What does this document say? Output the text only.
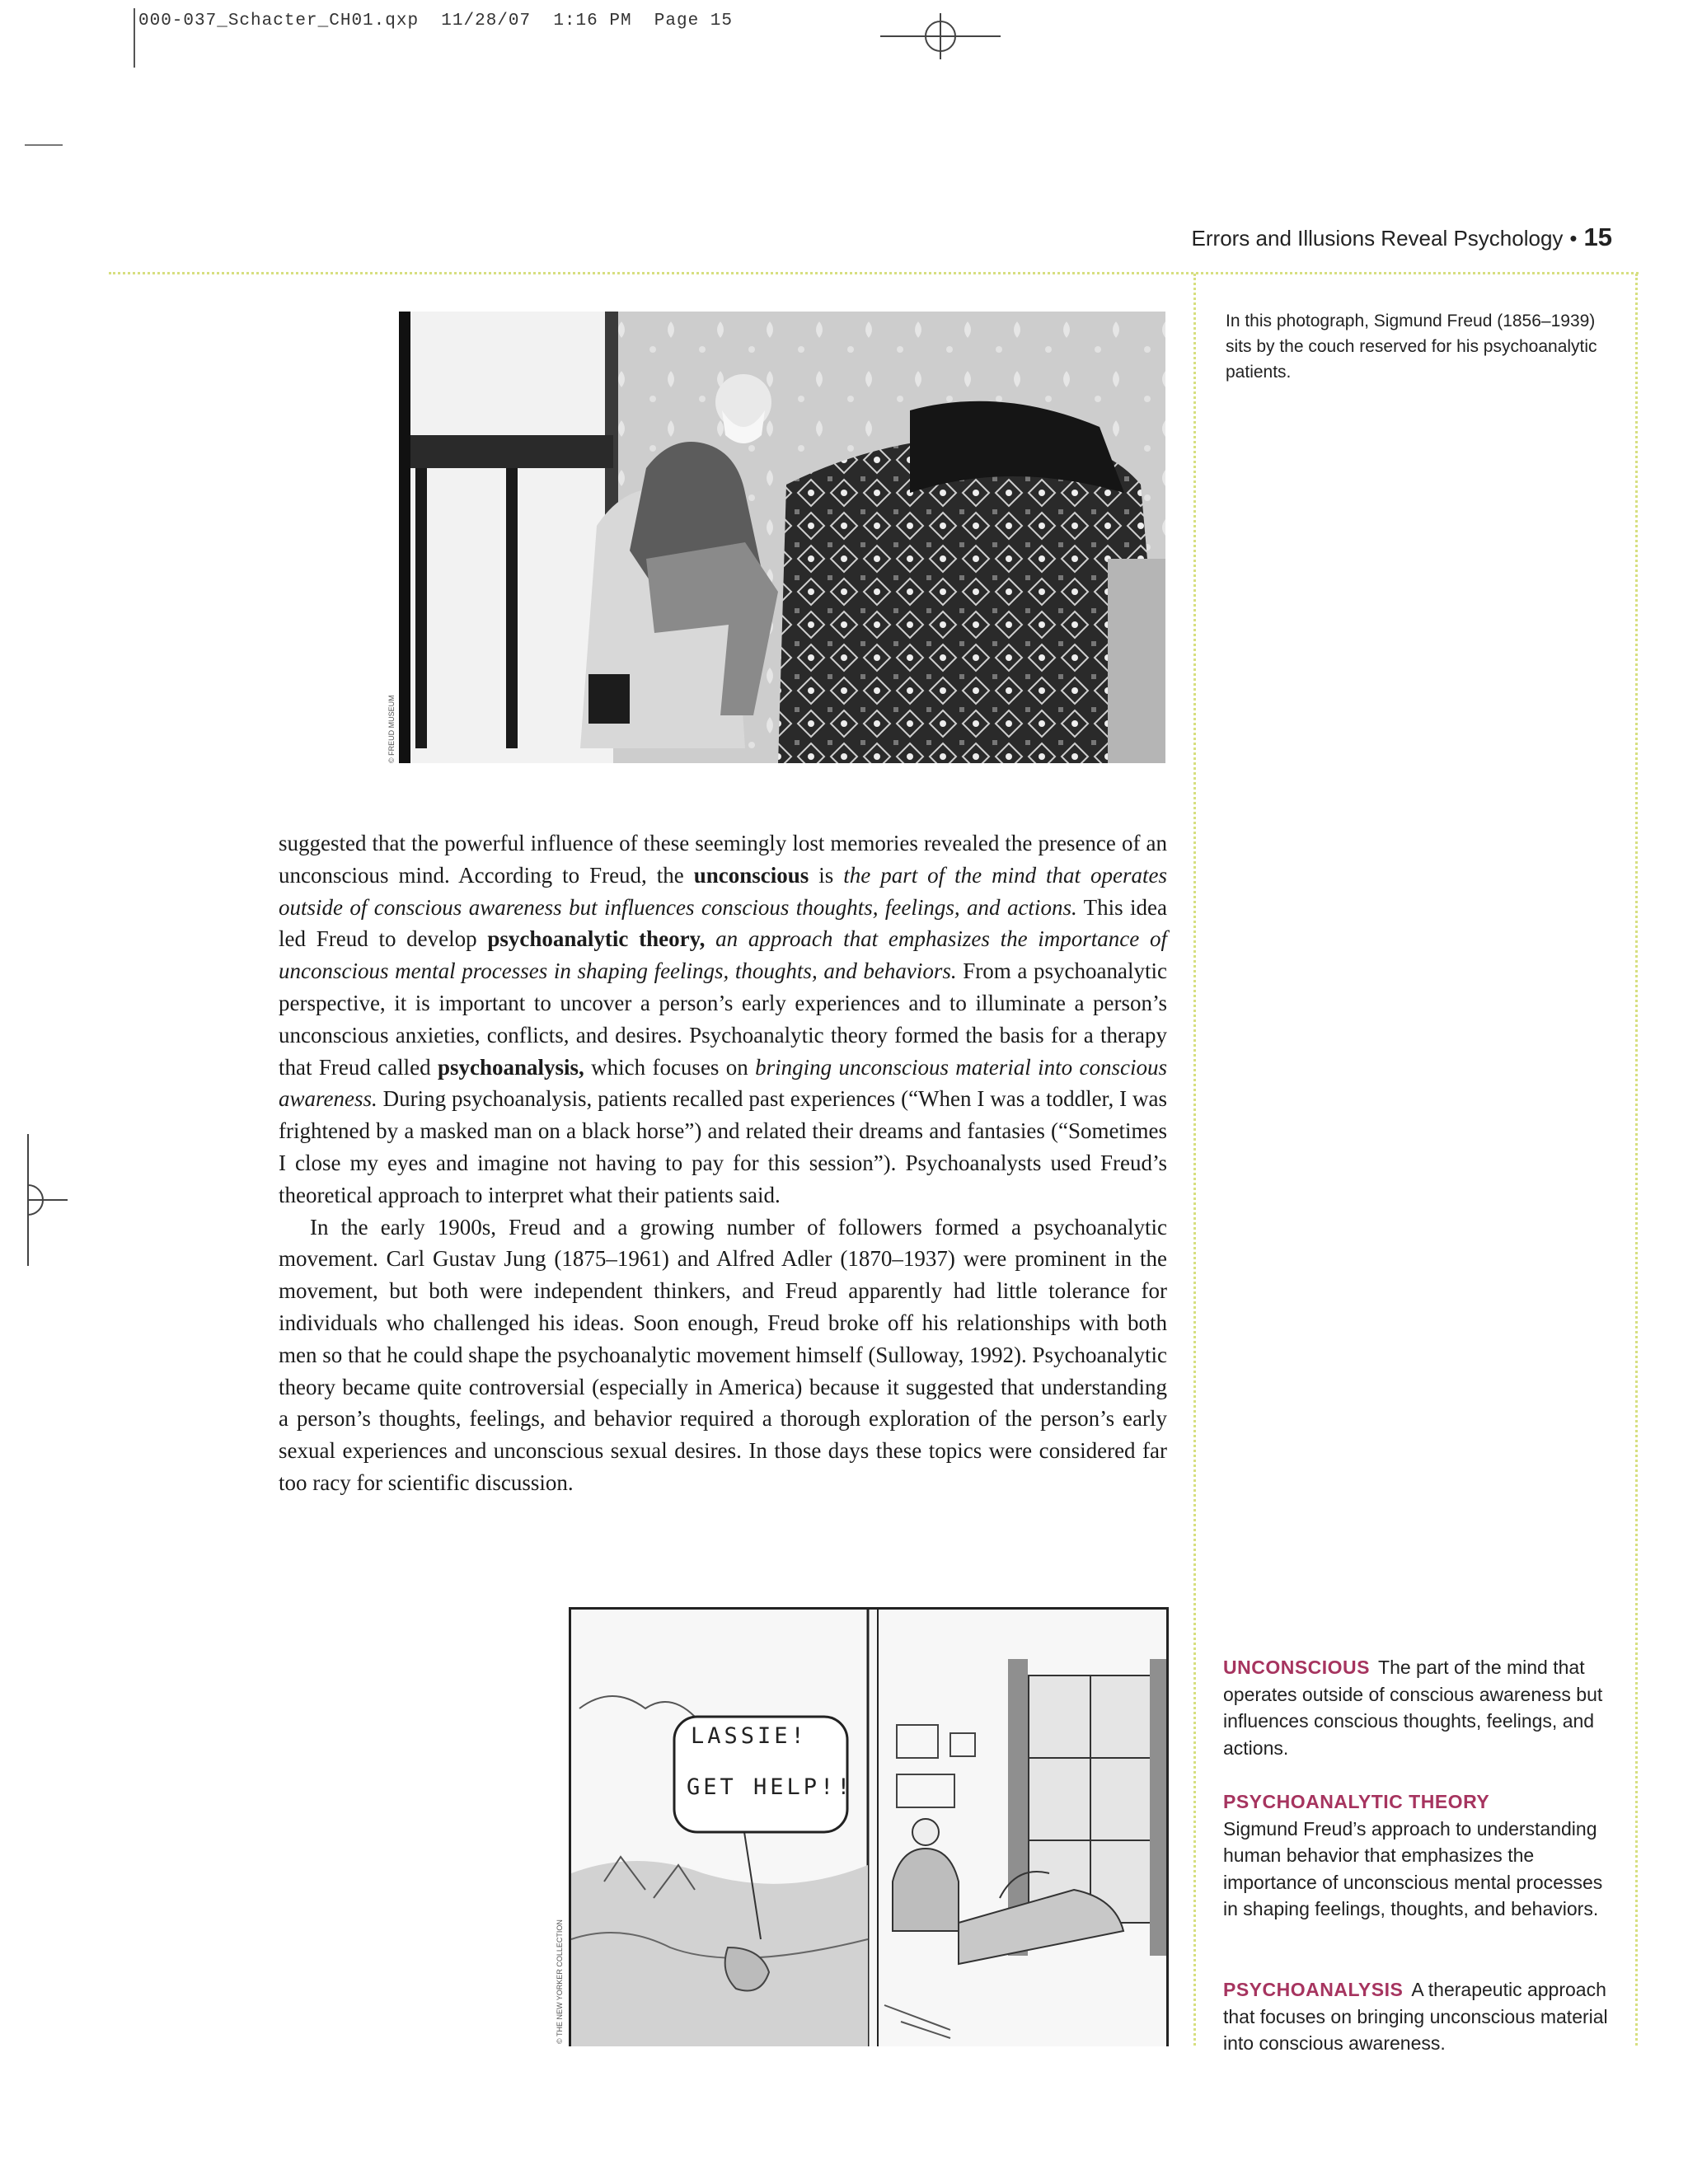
000-037_Schacter_CH01.qxp 11/28/07 1:16 PM Page 15
Errors and Illusions Reveal Psychology • 15
© FREUD MUSEUM
In this photograph, Sigmund Freud (1856–1939) sits by the couch reserved for his psychoanalytic patients.

suggested that the powerful influence of these seemingly lost memories revealed the presence of an unconscious mind. According to Freud, the unconscious is the part of the mind that operates outside of conscious awareness but influences conscious thoughts, feelings, and actions. This idea led Freud to develop psychoanalytic theory, an approach that emphasizes the importance of unconscious mental processes in shaping feelings, thoughts, and behaviors. From a psychoanalytic perspective, it is important to uncover a person’s early experiences and to illuminate a person’s unconscious anxieties, conflicts, and desires. Psychoanalytic theory formed the basis for a therapy that Freud called psychoanalysis, which focuses on bringing unconscious material into conscious awareness. During psychoanalysis, patients recalled past experiences (“When I was a toddler, I was frightened by a masked man on a black horse”) and related their dreams and fantasies (“Sometimes I close my eyes and imagine not having to pay for this session”). Psychoanalysts used Freud’s theoretical approach to interpret what their patients said.

In the early 1900s, Freud and a growing number of followers formed a psychoanalytic movement. Carl Gustav Jung (1875–1961) and Alfred Adler (1870–1937) were prominent in the movement, but both were independent thinkers, and Freud apparently had little tolerance for individuals who challenged his ideas. Soon enough, Freud broke off his relationships with both men so that he could shape the psychoanalytic movement himself (Sulloway, 1992). Psychoanalytic theory became quite controversial (especially in America) because it suggested that understanding a person’s thoughts, feelings, and behavior required a thorough exploration of the person’s early sexual experiences and unconscious sexual desires. In those days these topics were considered far too racy for scientific discussion.

LASSIE!
GET HELP!!
© THE NEW YORKER COLLECTION
UNCONSCIOUS The part of the mind that operates outside of conscious awareness but influences conscious thoughts, feelings, and actions.
PSYCHOANALYTIC THEORY
Sigmund Freud’s approach to understanding human behavior that emphasizes the importance of unconscious mental processes in shaping feelings, thoughts, and behaviors.
PSYCHOANALYSIS A therapeutic approach that focuses on bringing unconscious material into conscious awareness.
